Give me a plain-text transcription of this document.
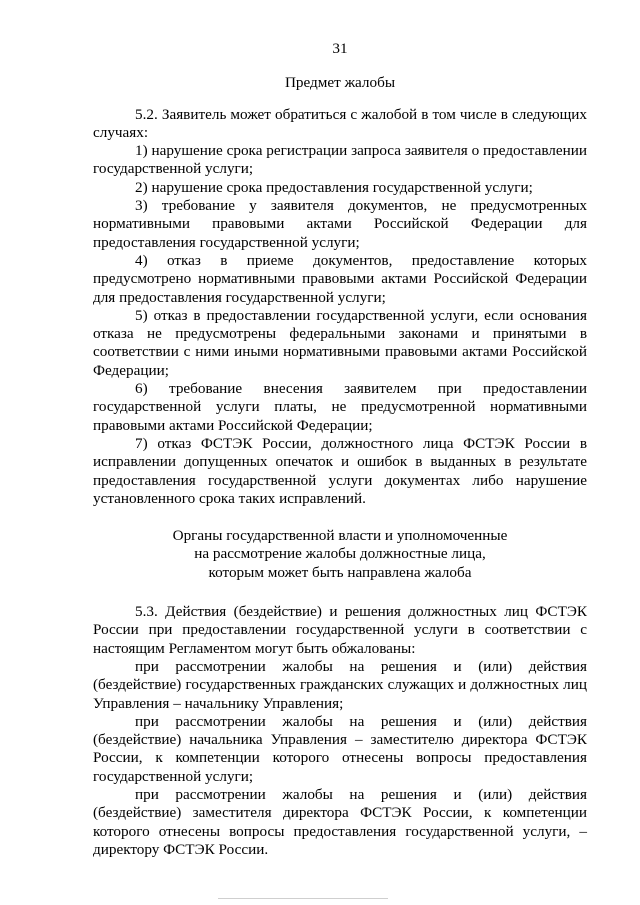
31
Предмет жалобы

5.2. Заявитель может обратиться с жалобой в том числе в следующих случаях:

1) нарушение срока регистрации запроса заявителя о предоставлении государственной услуги;

2) нарушение срока предоставления государственной услуги;

3) требование у заявителя документов, не предусмотренных нормативными правовыми актами Российской Федерации для предоставления государственной услуги;

4) отказ в приеме документов, предоставление которых предусмотрено нормативными правовыми актами Российской Федерации для предоставления государственной услуги;

5) отказ в предоставлении государственной услуги, если основания отказа не предусмотрены федеральными законами и принятыми в соответствии с ними иными нормативными правовыми актами Российской Федерации;

6) требование внесения заявителем при предоставлении государственной услуги платы, не предусмотренной нормативными правовыми актами Российской Федерации;

7) отказ ФСТЭК России, должностного лица ФСТЭК России в исправлении допущенных опечаток и ошибок в выданных в результате предоставления государственной услуги документах либо нарушение установленного срока таких исправлений.

Органы государственной власти и уполномоченные
на рассмотрение жалобы должностные лица,
которым может быть направлена жалоба

5.3. Действия (бездействие) и решения должностных лиц ФСТЭК России при предоставлении государственной услуги в соответствии с настоящим Регламентом могут быть обжалованы:

при рассмотрении жалобы на решения и (или) действия (бездействие) государственных гражданских служащих и должностных лиц Управления – начальнику Управления;

при рассмотрении жалобы на решения и (или) действия (бездействие) начальника Управления – заместителю директора ФСТЭК России, к компетенции которого отнесены вопросы предоставления государственной услуги;

при рассмотрении жалобы на решения и (или) действия (бездействие) заместителя директора ФСТЭК России, к компетенции которого отнесены вопросы предоставления государственной услуги, – директору ФСТЭК России.
